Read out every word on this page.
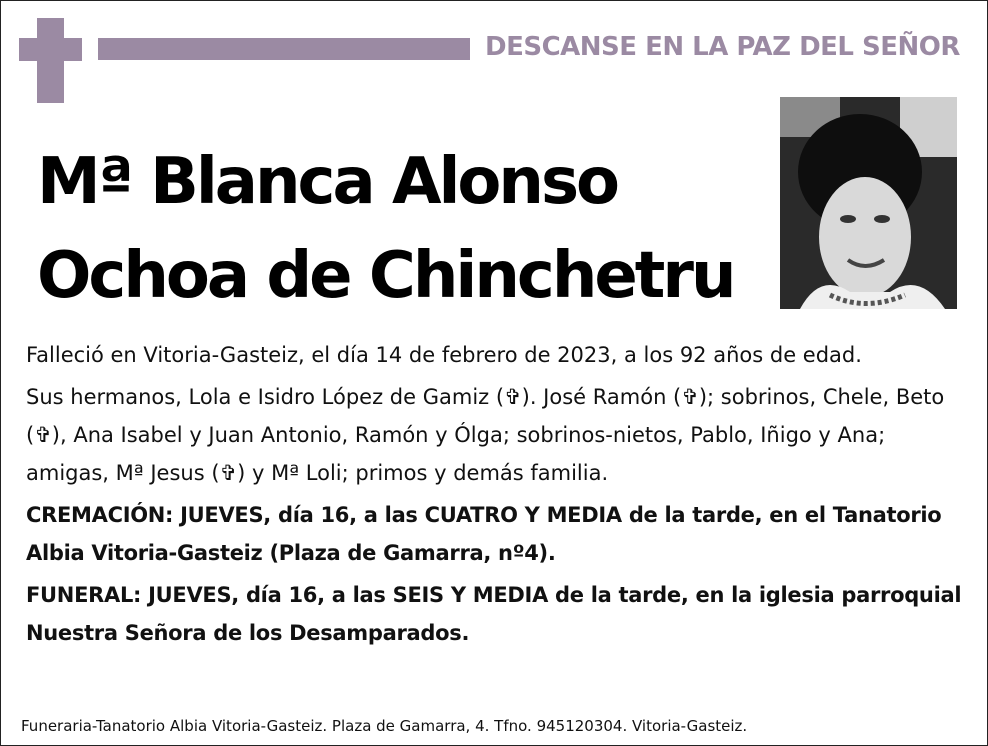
DESCANSE EN LA PAZ DEL SEÑOR
Mª Blanca Alonso
Ochoa de Chinchetru

Falleció en Vitoria-Gasteiz, el día 14 de febrero de 2023, a los 92 años de edad.

Sus hermanos, Lola e Isidro López de Gamiz (✞). José Ramón (✞); sobrinos, Chele, Beto (✞), Ana Isabel y Juan Antonio, Ramón y Ólga; sobrinos-nietos, Pablo, Iñigo y Ana; amigas, Mª Jesus (✞) y Mª Loli; primos y demás familia.

CREMACIÓN: JUEVES, día 16, a las CUATRO Y MEDIA de la tarde, en el Tanatorio Albia Vitoria-Gasteiz (Plaza de Gamarra, nº4).

FUNERAL: JUEVES, día 16, a las SEIS Y MEDIA de la tarde, en la iglesia parroquial Nuestra Señora de los Desamparados.

Funeraria-Tanatorio Albia Vitoria-Gasteiz. Plaza de Gamarra, 4. Tfno. 945120304. Vitoria-Gasteiz.
